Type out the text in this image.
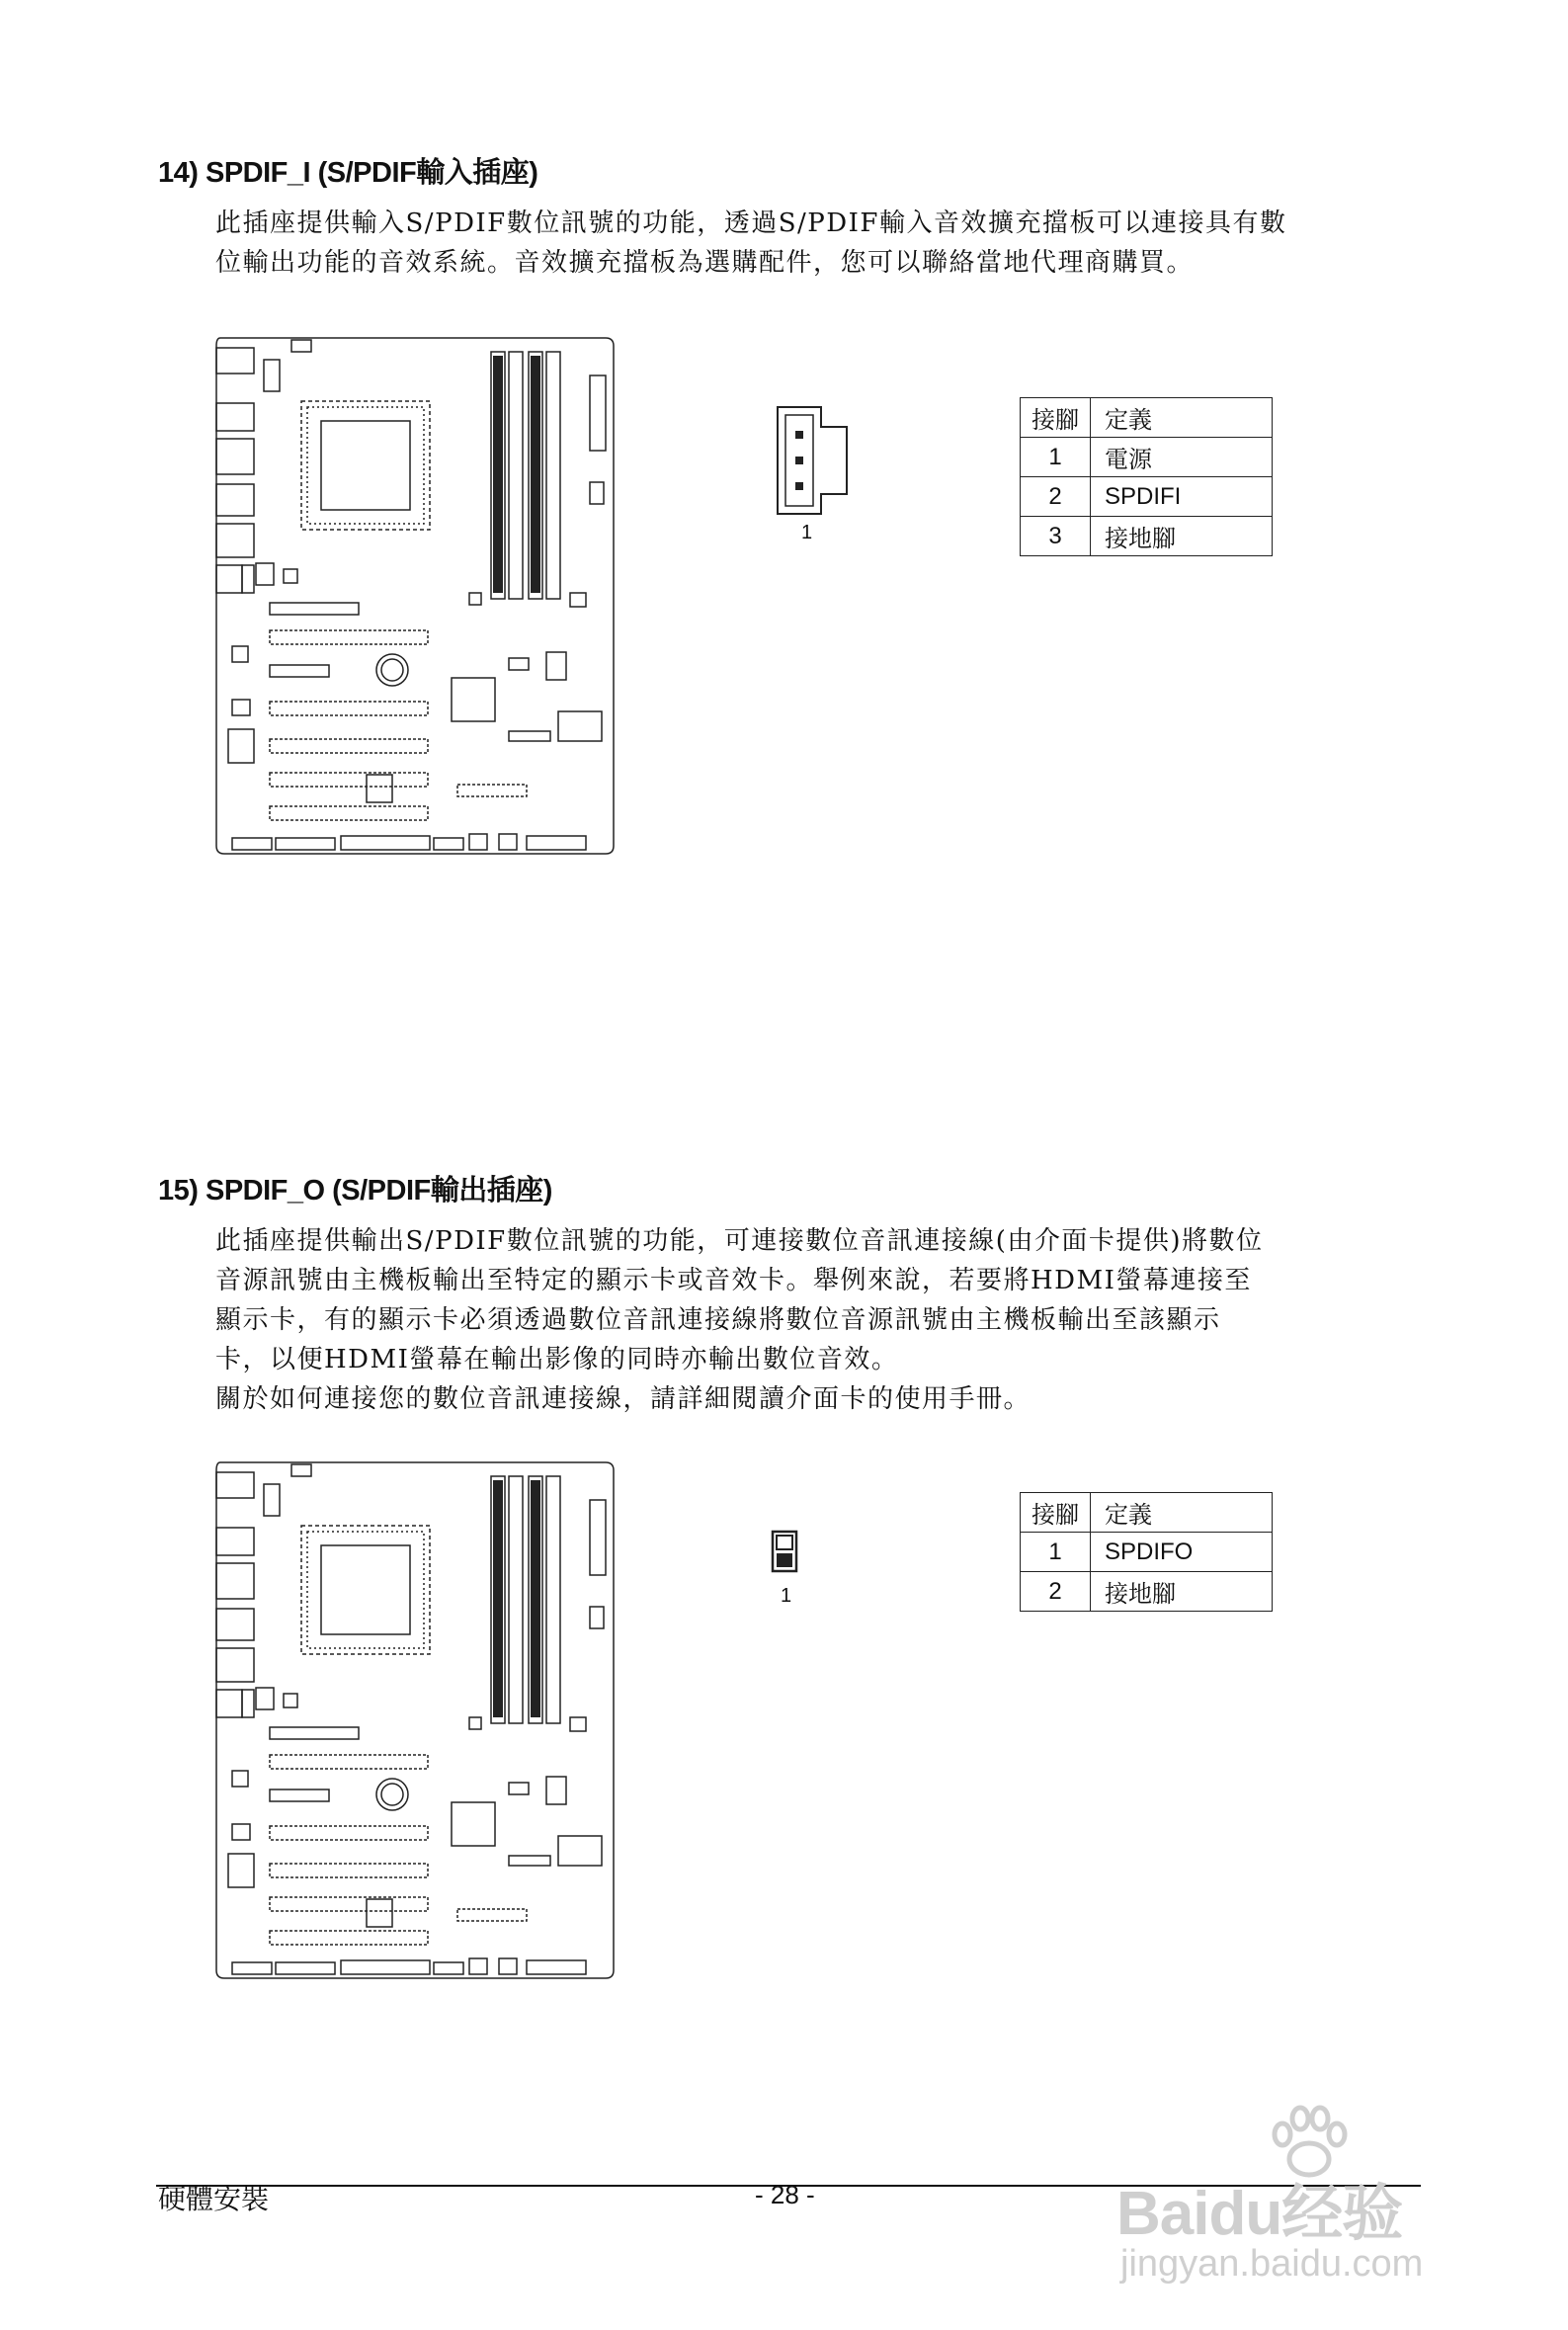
14) SPDIF_I (S/PDIF輸入插座)
此插座提供輸入S/PDIF數位訊號的功能，透過S/PDIF輸入音效擴充擋板可以連接具有數
位輸出功能的音效系統。音效擴充擋板為選購配件，您可以聯絡當地代理商購買。
1
接腳	定義
1	電源
2	SPDIFI
3	接地腳
15) SPDIF_O (S/PDIF輸出插座)
此插座提供輸出S/PDIF數位訊號的功能，可連接數位音訊連接線(由介面卡提供)將數位
音源訊號由主機板輸出至特定的顯示卡或音效卡。舉例來說，若要將HDMI螢幕連接至
顯示卡，有的顯示卡必須透過數位音訊連接線將數位音源訊號由主機板輸出至該顯示
卡，以便HDMI螢幕在輸出影像的同時亦輸出數位音效。
關於如何連接您的數位音訊連接線，請詳細閱讀介面卡的使用手冊。
1
接腳	定義
1	SPDIFO
2	接地腳
硬體安裝	- 28 -	Baidu经验
jingyan.baidu.com
